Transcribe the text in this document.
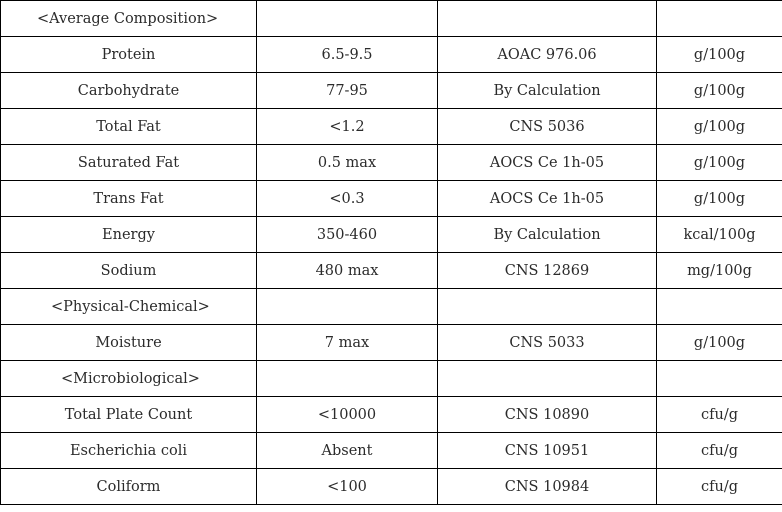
<Average Composition>			
Protein	6.5-9.5	AOAC 976.06	g/100g
Carbohydrate	77-95	By Calculation	g/100g
Total Fat	<1.2	CNS 5036	g/100g
Saturated Fat	0.5 max	AOCS Ce 1h-05	g/100g
Trans Fat	<0.3	AOCS Ce 1h-05	g/100g
Energy	350-460	By Calculation	kcal/100g
Sodium	480 max	CNS 12869	mg/100g
<Physical-Chemical>			
Moisture	7 max	CNS 5033	g/100g
<Microbiological>			
Total Plate Count	<10000	CNS 10890	cfu/g
Escherichia coli	Absent	CNS 10951	cfu/g
Coliform	<100	CNS 10984	cfu/g
